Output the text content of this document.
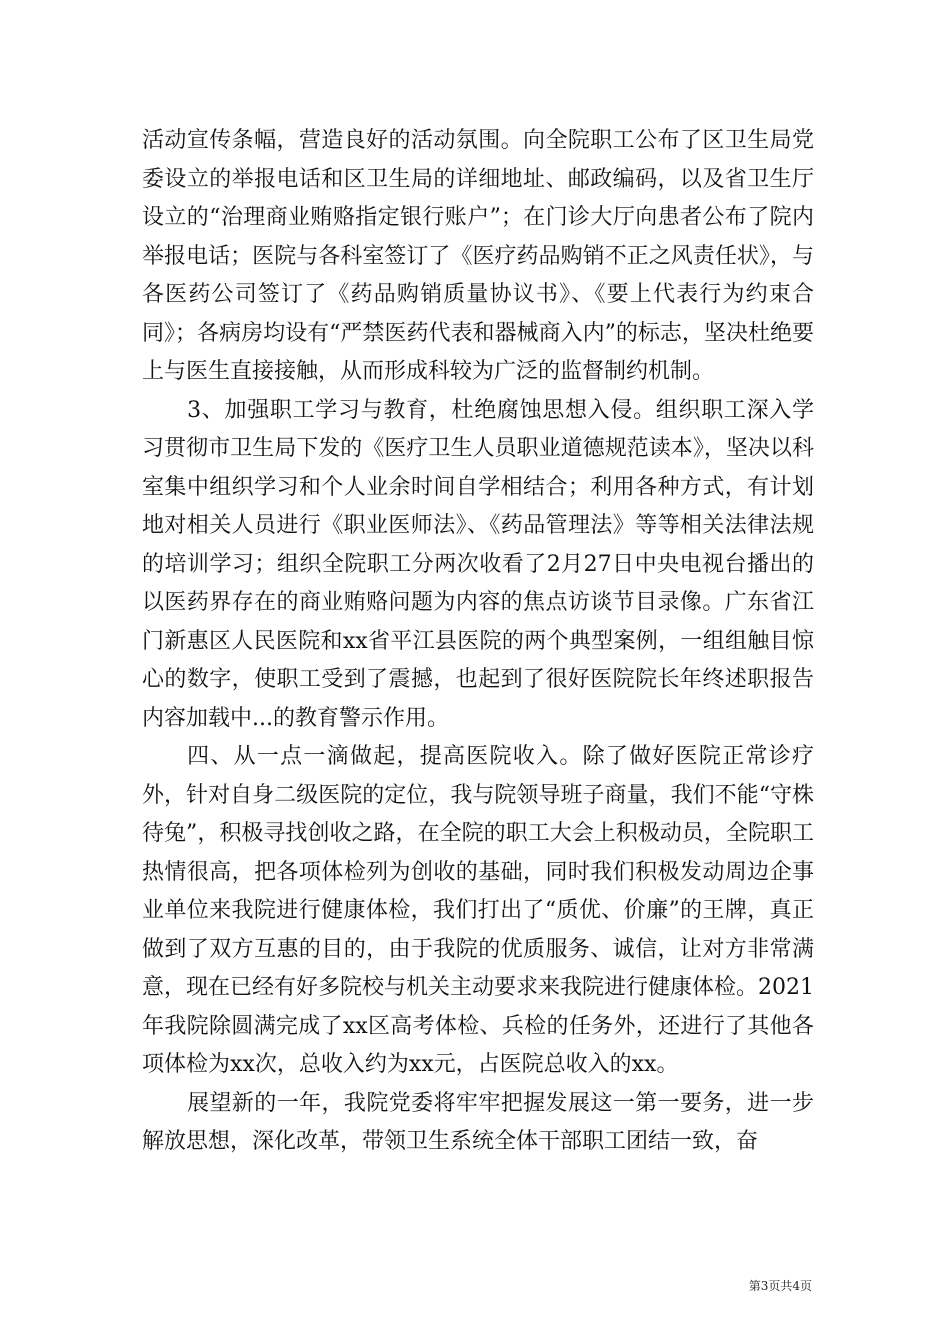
活动宣传条幅，营造良好的活动氛围。向全院职工公布了区卫生局党委设立的举报电话和区卫生局的详细地址、邮政编码，以及省卫生厅设立的“治理商业贿赂指定银行账户”；在门诊大厅向患者公布了院内举报电话；医院与各科室签订了《医疗药品购销不正之风责任状》，与各医药公司签订了《药品购销质量协议书》、《要上代表行为约束合同》；各病房均设有“严禁医药代表和器械商入内”的标志，坚决杜绝要上与医生直接接触，从而形成科较为广泛的监督制约机制。

3、加强职工学习与教育，杜绝腐蚀思想入侵。组织职工深入学习贯彻市卫生局下发的《医疗卫生人员职业道德规范读本》，坚决以科室集中组织学习和个人业余时间自学相结合；利用各种方式，有计划地对相关人员进行《职业医师法》、《药品管理法》等等相关法律法规的培训学习；组织全院职工分两次收看了2月27日中央电视台播出的以医药界存在的商业贿赂问题为内容的焦点访谈节目录像。广东省江门新惠区人民医院和xx省平江县医院的两个典型案例，一组组触目惊心的数字，使职工受到了震撼，也起到了很好医院院长年终述职报告内容加载中...的教育警示作用。

四、从一点一滴做起，提高医院收入。除了做好医院正常诊疗外，针对自身二级医院的定位，我与院领导班子商量，我们不能“守株待兔”，积极寻找创收之路，在全院的职工大会上积极动员，全院职工热情很高，把各项体检列为创收的基础，同时我们积极发动周边企事业单位来我院进行健康体检，我们打出了“质优、价廉”的王牌，真正做到了双方互惠的目的，由于我院的优质服务、诚信，让对方非常满意，现在已经有好多院校与机关主动要求来我院进行健康体检。2021年我院除圆满完成了xx区高考体检、兵检的任务外，还进行了其他各项体检为xx次，总收入约为xx元，占医院总收入的xx。

展望新的一年，我院党委将牢牢把握发展这一第一要务，进一步解放思想，深化改革，带领卫生系统全体干部职工团结一致，奋

第3页共4页
